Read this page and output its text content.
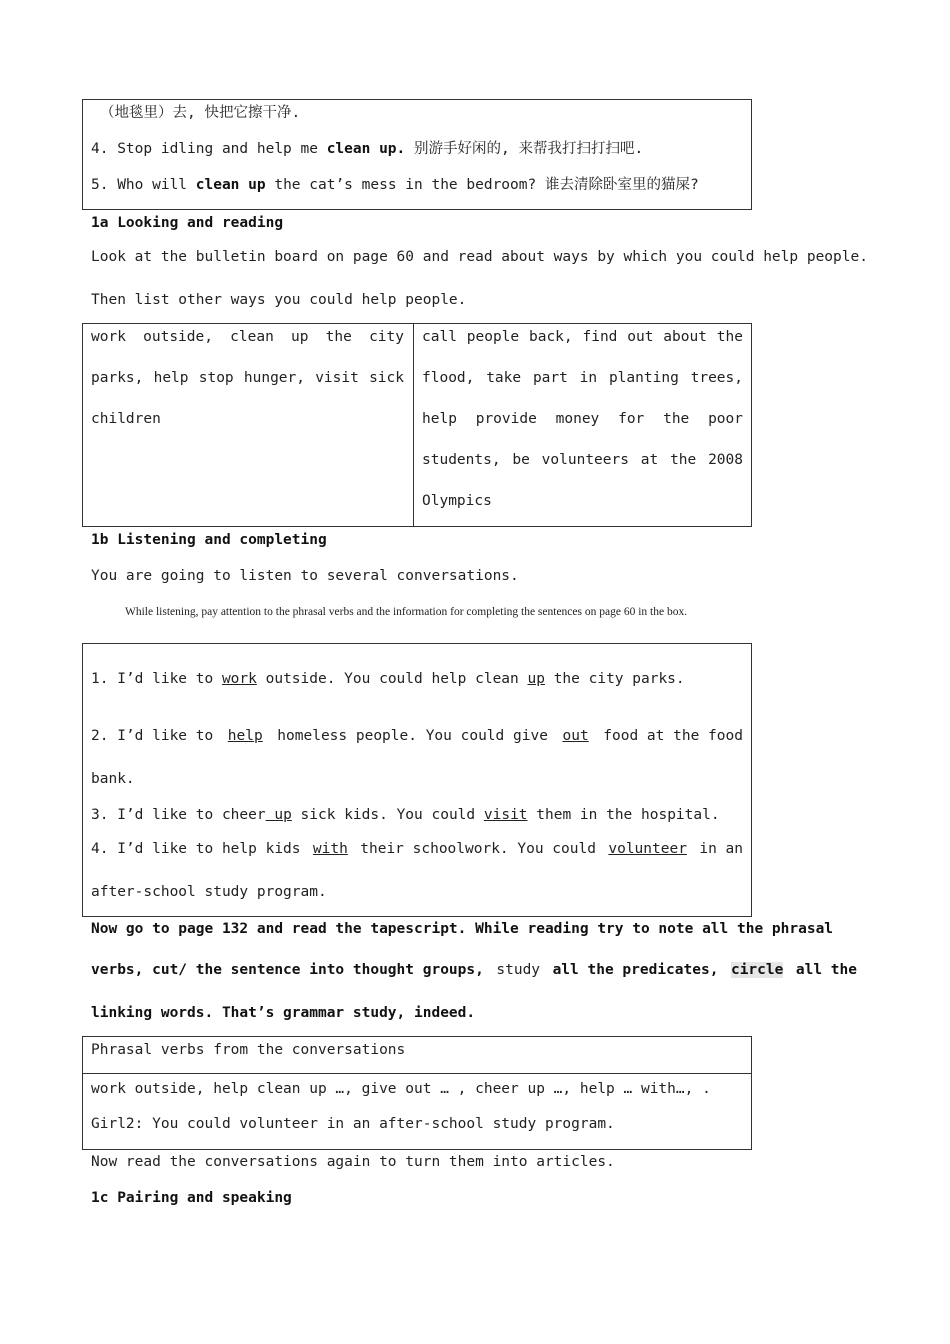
（地毯里）去, 快把它擦干净.
4. Stop idling and help me clean up. 别游手好闲的, 来帮我打扫打扫吧.
5. Who will clean up the cat’s mess in the bedroom? 谁去清除卧室里的猫屎?
1a Looking and reading
Look at the bulletin board on page 60 and read about ways by which you could help people.
Then list other ways you could help people.
work outside, clean up the city parks, help stop hunger, visit sick children
call people back, find out about the flood, take part in planting trees, help provide money for the poor students, be volunteers at the 2008 Olympics
1b Listening and completing
You are going to listen to several conversations.
While listening, pay attention to the phrasal verbs and the information for completing the sentences on page 60 in the box.
1. I’d like to work outside. You could help clean up the city parks.
2. I’d like to help homeless people. You could give out food at the food
bank.
3. I’d like to cheer up sick kids. You could visit them in the hospital.
4. I’d like to help kids with their schoolwork. You could volunteer in an
after-school study program.
Now go to page 132 and read the tapescript. While reading try to note all the phrasal
verbs, cut/ the sentence into thought groups, study all the predicates, circle all the
linking words. That’s grammar study, indeed.
Phrasal verbs from the conversations
work outside, help clean up …, give out … , cheer up …, help … with…, .
Girl2: You could volunteer in an after-school study program.
Now read the conversations again to turn them into articles.
1c Pairing and speaking
